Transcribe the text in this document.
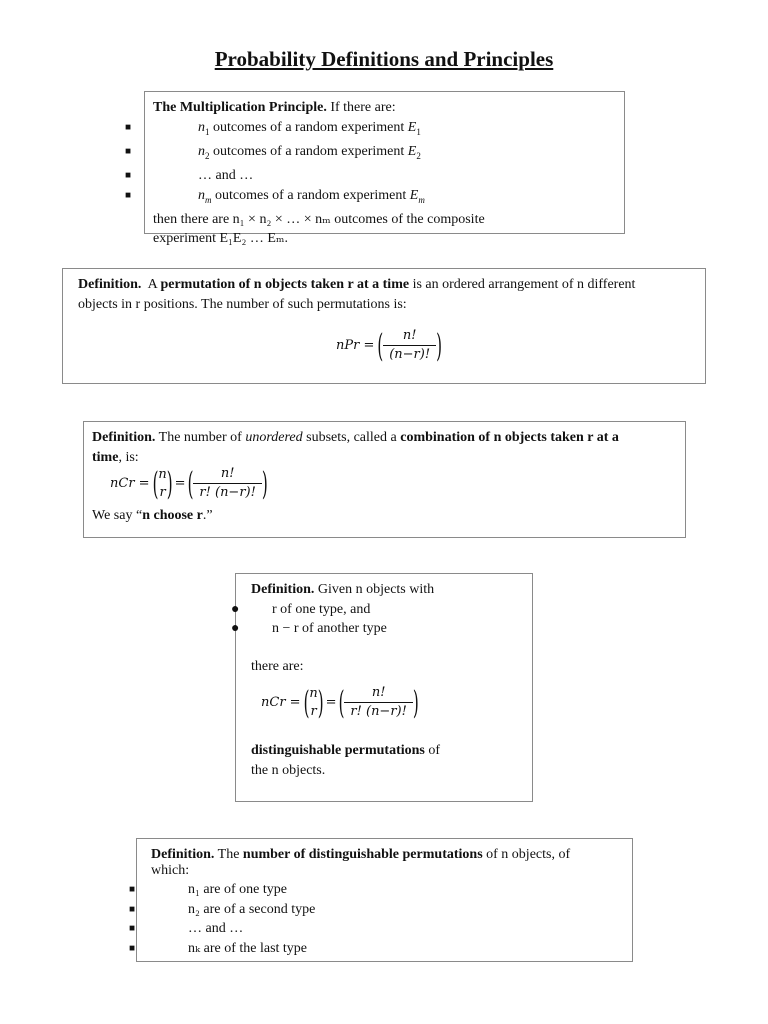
Probability Definitions and Principles
The Multiplication Principle. If there are:
■	$n_1$ outcomes of a random experiment $E_1$
■	$n_2$ outcomes of a random experiment $E_2$
■	… and …
■	$n_m$ outcomes of a random experiment $E_m$
then there are n₁ × n₂ × … × nₘ outcomes of the composite
experiment E₁E₂ … Eₘ.
Definition.  A permutation of n objects taken r at a time is an ordered arrangement of n different
objects in r positions. The number of such permutations is:
nPr = ( $\frac{n!}{(n-r)!}$ )
Definition. The number of unordered subsets, called a combination of n objects taken r at a
time, is:
nCr = ( n
r ) = ( $\frac{n!}{r! (n-r)!}$ )
We say “n choose r.”
Definition. Given n objects with
● r of one type, and
● n − r of another type
there are:
nCr = ( n
r ) = ( $\frac{n!}{r! (n-r)!}$ )
distinguishable permutations of
the n objects.
Definition. The number of distinguishable permutations of n objects, of
which:
■	n₁ are of one type
■	n₂ are of a second type
■	… and …
■	nₖ are of the last type
